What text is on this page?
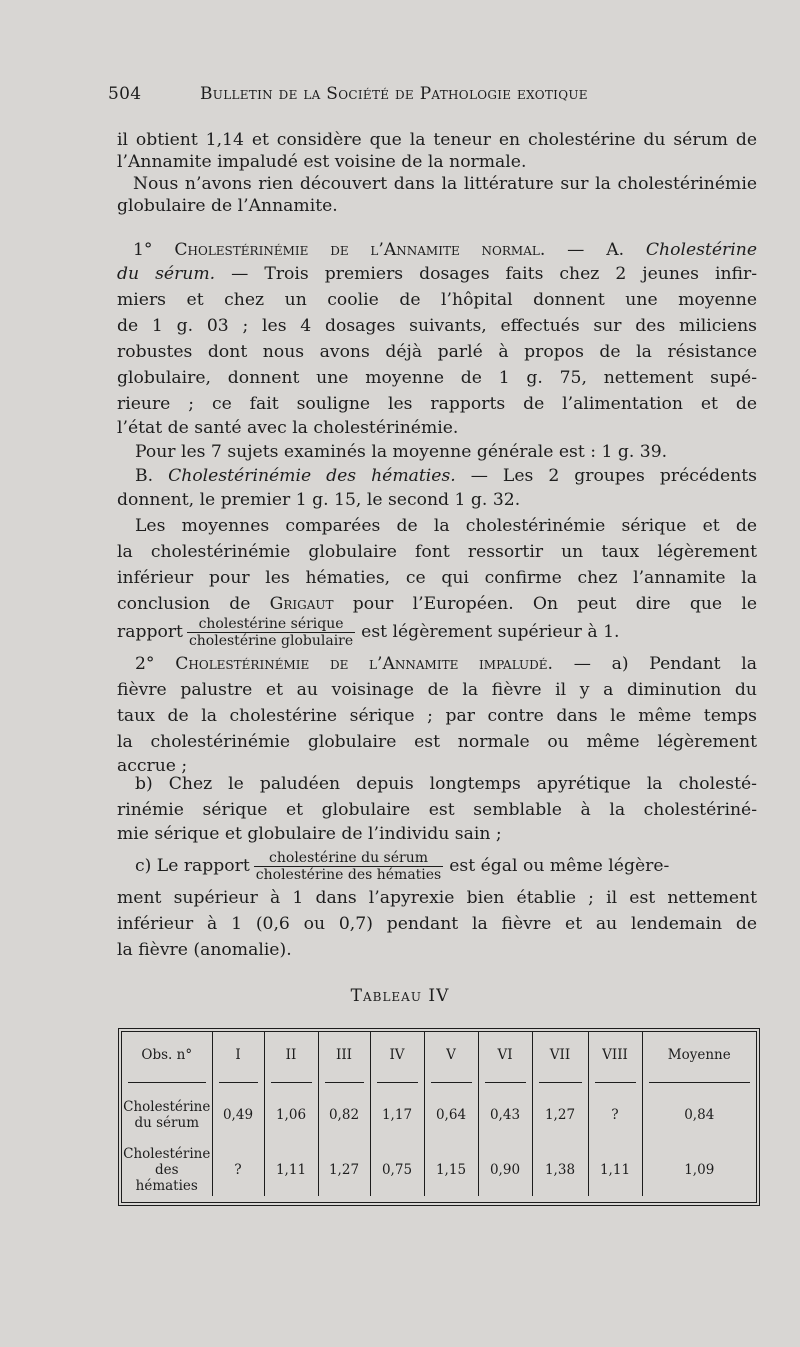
504	Bulletin de la Société de Pathologie exotique
il obtient 1,14 et considère que la teneur en cholestérine du sérum de
l’Annamite impaludé est voisine de la normale.
Nous n’avons rien découvert dans la littérature sur la cholestérinémie
globulaire de l’Annamite.
1° Cholestérinémie de l’Annamite normal. — A. Cholestérine
du sérum. — Trois premiers dosages faits chez 2 jeunes infir-
miers et chez un coolie de l’hôpital donnent une moyenne
de 1 g. 03 ; les 4 dosages suivants, effectués sur des miliciens
robustes dont nous avons déjà parlé à propos de la résistance
globulaire, donnent une moyenne de 1 g. 75, nettement supé-
rieure ; ce fait souligne les rapports de l’alimentation et de
l’état de santé avec la cholestérinémie.
Pour les 7 sujets examinés la moyenne générale est : 1 g. 39.
B. Cholestérinémie des hématies. — Les 2 groupes précédents
donnent, le premier 1 g. 15, le second 1 g. 32.
Les moyennes comparées de la cholestérinémie sérique et de
la cholestérinémie globulaire font ressortir un taux légèrement
inférieur pour les hématies, ce qui confirme chez l’annamite la
conclusion de Grigaut pour l’Européen. On peut dire que le
rapport $\frac{\text{cholestérine sérique}}{\text{cholestérine globulaire}}$ est légèrement supérieur à 1.
2° Cholestérinémie de l’Annamite impaludé. — a) Pendant la
fièvre palustre et au voisinage de la fièvre il y a diminution du
taux de la cholestérine sérique ; par contre dans le même temps
la cholestérinémie globulaire est normale ou même légèrement
accrue ;
b) Chez le paludéen depuis longtemps apyrétique la cholesté-
rinémie sérique et globulaire est semblable à la cholestériné-
mie sérique et globulaire de l’individu sain ;
c) Le rapport $\frac{\text{cholestérine du sérum}}{\text{cholestérine des hématies}}$ est égal ou même légère-
ment supérieur à 1 dans l’apyrexie bien établie ; il est nettement
inférieur à 1 (0,6 ou 0,7) pendant la fièvre et au lendemain de
la fièvre (anomalie).
Tableau IV
Obs. n°	I	II	III	IV	V	VI	VII	VIII	Moyenne

Cholestérine
du sérum	0,49	1,06	0,82	1,17	0,64	0,43	1,27	?	0,84
Cholestérine
des hématies	?	1,11	1,27	0,75	1,15	0,90	1,38	1,11	1,09
